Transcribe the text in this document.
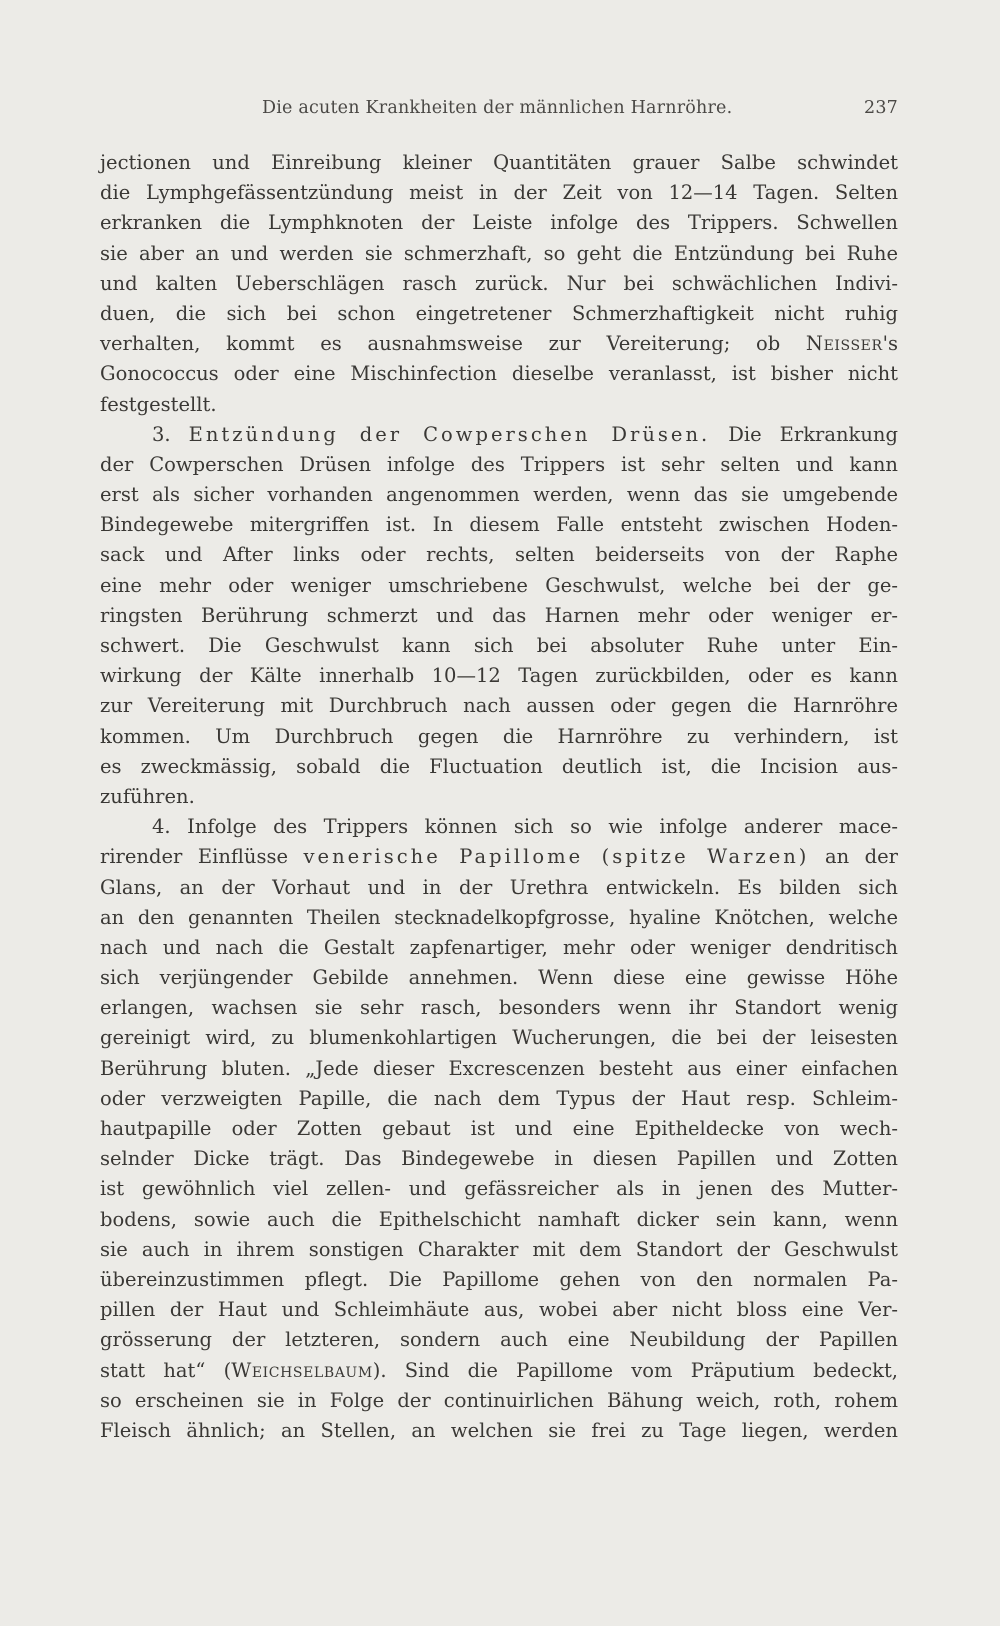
Die acuten Krankheiten der männlichen Harnröhre.	237
jectionen und Einreibung kleiner Quantitäten grauer Salbe schwindet
die Lymphgefässentzündung meist in der Zeit von 12—14 Tagen. Selten
erkranken die Lymphknoten der Leiste infolge des Trippers. Schwellen
sie aber an und werden sie schmerzhaft, so geht die Entzündung bei Ruhe
und kalten Ueberschlägen rasch zurück. Nur bei schwächlichen Indivi-
duen, die sich bei schon eingetretener Schmerzhaftigkeit nicht ruhig
verhalten, kommt es ausnahmsweise zur Vereiterung; ob Neisser's
Gonococcus oder eine Mischinfection dieselbe veranlasst, ist bisher nicht
festgestellt.
3. Entzündung der Cowperschen Drüsen. Die Erkrankung
der Cowperschen Drüsen infolge des Trippers ist sehr selten und kann
erst als sicher vorhanden angenommen werden, wenn das sie umgebende
Bindegewebe mitergriffen ist. In diesem Falle entsteht zwischen Hoden-
sack und After links oder rechts, selten beiderseits von der Raphe
eine mehr oder weniger umschriebene Geschwulst, welche bei der ge-
ringsten Berührung schmerzt und das Harnen mehr oder weniger er-
schwert. Die Geschwulst kann sich bei absoluter Ruhe unter Ein-
wirkung der Kälte innerhalb 10—12 Tagen zurückbilden, oder es kann
zur Vereiterung mit Durchbruch nach aussen oder gegen die Harnröhre
kommen. Um Durchbruch gegen die Harnröhre zu verhindern, ist
es zweckmässig, sobald die Fluctuation deutlich ist, die Incision aus-
zuführen.
4. Infolge des Trippers können sich so wie infolge anderer mace-
rirender Einflüsse venerische Papillome (spitze Warzen) an der
Glans, an der Vorhaut und in der Urethra entwickeln. Es bilden sich
an den genannten Theilen stecknadelkopfgrosse, hyaline Knötchen, welche
nach und nach die Gestalt zapfenartiger, mehr oder weniger dendritisch
sich verjüngender Gebilde annehmen. Wenn diese eine gewisse Höhe
erlangen, wachsen sie sehr rasch, besonders wenn ihr Standort wenig
gereinigt wird, zu blumenkohlartigen Wucherungen, die bei der leisesten
Berührung bluten. „Jede dieser Excrescenzen besteht aus einer einfachen
oder verzweigten Papille, die nach dem Typus der Haut resp. Schleim-
hautpapille oder Zotten gebaut ist und eine Epitheldecke von wech-
selnder Dicke trägt. Das Bindegewebe in diesen Papillen und Zotten
ist gewöhnlich viel zellen- und gefässreicher als in jenen des Mutter-
bodens, sowie auch die Epithelschicht namhaft dicker sein kann, wenn
sie auch in ihrem sonstigen Charakter mit dem Standort der Geschwulst
übereinzustimmen pflegt. Die Papillome gehen von den normalen Pa-
pillen der Haut und Schleimhäute aus, wobei aber nicht bloss eine Ver-
grösserung der letzteren, sondern auch eine Neubildung der Papillen
statt hat“ (Weichselbaum). Sind die Papillome vom Präputium bedeckt,
so erscheinen sie in Folge der continuirlichen Bähung weich, roth, rohem
Fleisch ähnlich; an Stellen, an welchen sie frei zu Tage liegen, werden
